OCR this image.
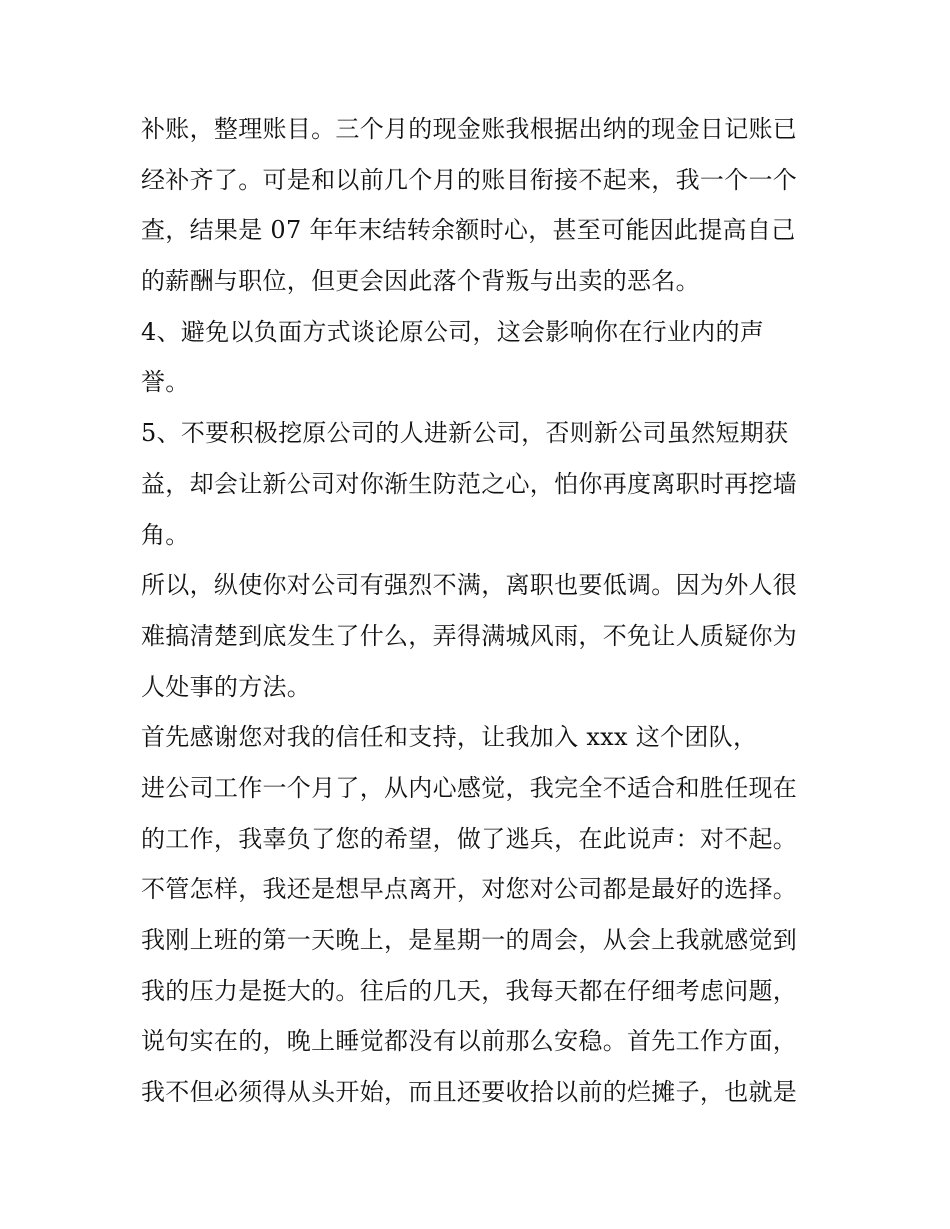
补账，整理账目。三个月的现金账我根据出纳的现金日记账已
经补齐了。可是和以前几个月的账目衔接不起来，我一个一个
查，结果是 07 年年末结转余额时心，甚至可能因此提高自己
的薪酬与职位，但更会因此落个背叛与出卖的恶名。
4、避免以负面方式谈论原公司，这会影响你在行业内的声
誉。
5、不要积极挖原公司的人进新公司，否则新公司虽然短期获
益，却会让新公司对你渐生防范之心，怕你再度离职时再挖墙
角。
所以，纵使你对公司有强烈不满，离职也要低调。因为外人很
难搞清楚到底发生了什么，弄得满城风雨，不免让人质疑你为
人处事的方法。
首先感谢您对我的信任和支持，让我加入 xxx 这个团队，
进公司工作一个月了，从内心感觉，我完全不适合和胜任现在
的工作，我辜负了您的希望，做了逃兵，在此说声：对不起。
不管怎样，我还是想早点离开，对您对公司都是最好的选择。
我刚上班的第一天晚上，是星期一的周会，从会上我就感觉到
我的压力是挺大的。往后的几天，我每天都在仔细考虑问题，
说句实在的，晚上睡觉都没有以前那么安稳。首先工作方面，
我不但必须得从头开始，而且还要收拾以前的烂摊子，也就是
